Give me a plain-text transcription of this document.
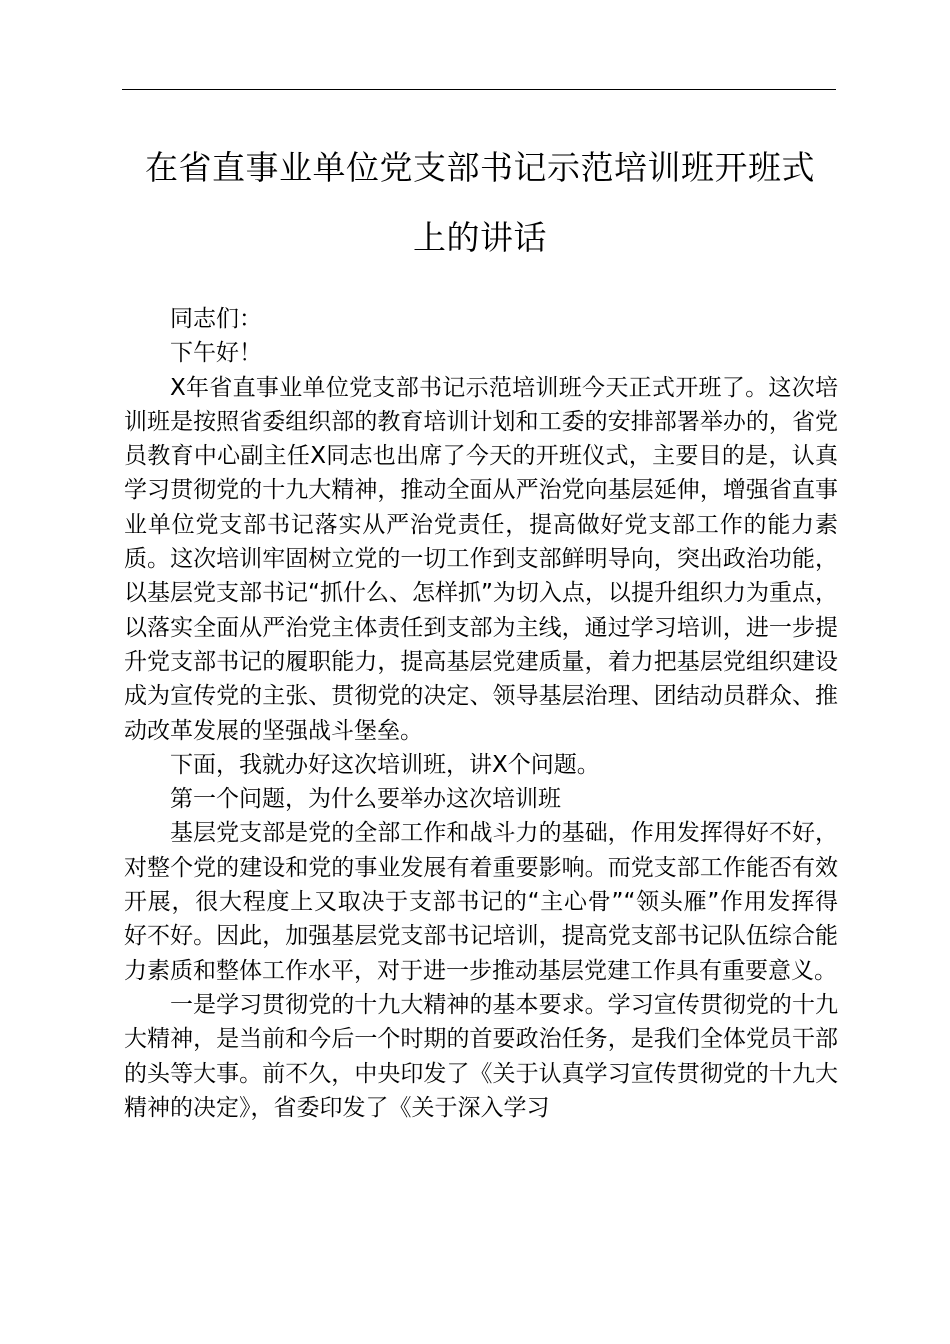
在省直事业单位党支部书记示范培训班开班式
上的讲话

同志们：

下午好！

X年省直事业单位党支部书记示范培训班今天正式开班了。这次培训班是按照省委组织部的教育培训计划和工委的安排部署举办的，省党员教育中心副主任X同志也出席了今天的开班仪式，主要目的是，认真学习贯彻党的十九大精神，推动全面从严治党向基层延伸，增强省直事业单位党支部书记落实从严治党责任，提高做好党支部工作的能力素质。这次培训牢固树立党的一切工作到支部鲜明导向，突出政治功能，以基层党支部书记“抓什么、怎样抓”为切入点，以提升组织力为重点，以落实全面从严治党主体责任到支部为主线，通过学习培训，进一步提升党支部书记的履职能力，提高基层党建质量，着力把基层党组织建设成为宣传党的主张、贯彻党的决定、领导基层治理、团结动员群众、推动改革发展的坚强战斗堡垒。

下面，我就办好这次培训班，讲X个问题。

第一个问题，为什么要举办这次培训班

基层党支部是党的全部工作和战斗力的基础，作用发挥得好不好，对整个党的建设和党的事业发展有着重要影响。而党支部工作能否有效开展，很大程度上又取决于支部书记的“主心骨”“领头雁”作用发挥得好不好。因此，加强基层党支部书记培训，提高党支部书记队伍综合能力素质和整体工作水平，对于进一步推动基层党建工作具有重要意义。

一是学习贯彻党的十九大精神的基本要求。学习宣传贯彻党的十九大精神，是当前和今后一个时期的首要政治任务，是我们全体党员干部的头等大事。前不久，中央印发了《关于认真学习宣传贯彻党的十九大精神的决定》，省委印发了《关于深入学习
